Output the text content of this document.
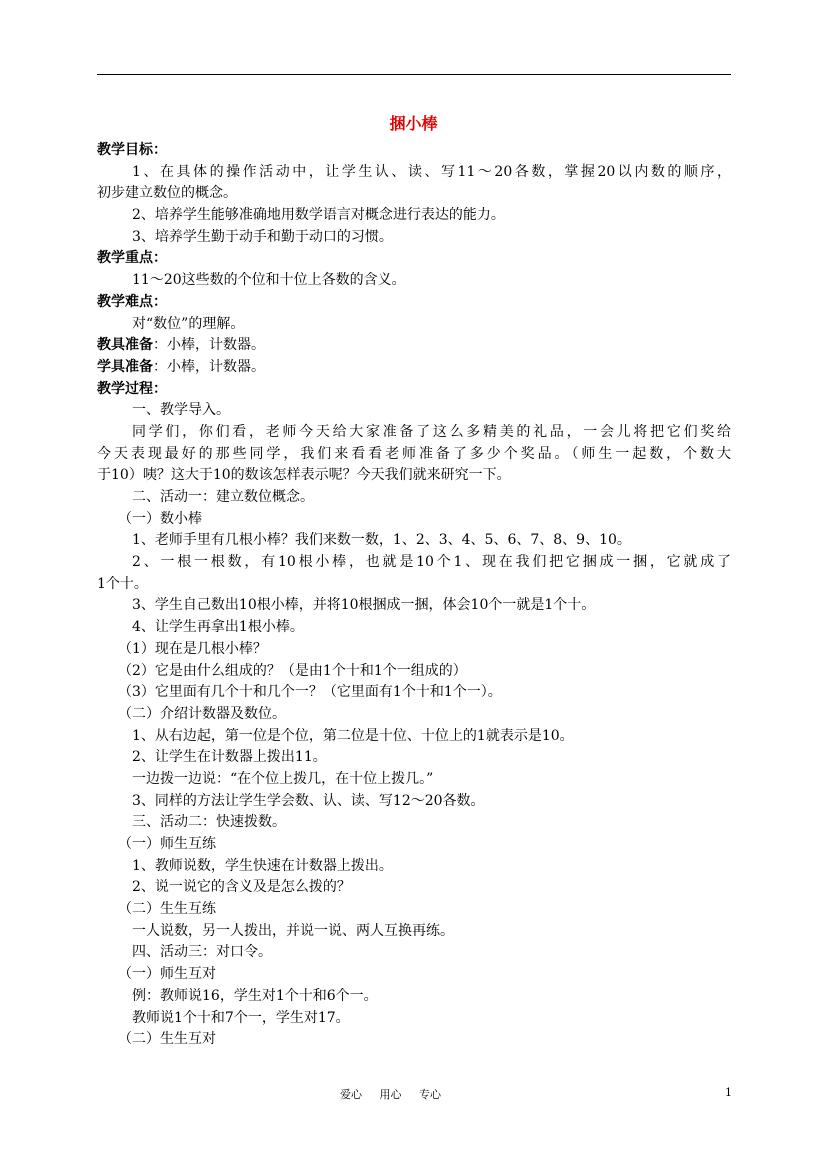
捆小棒
教学目标：
1、在具体的操作活动中，让学生认、读、写11～20各数，掌握20以内数的顺序，
初步建立数位的概念。
2、培养学生能够准确地用数学语言对概念进行表达的能力。
3、培养学生勤于动手和勤于动口的习惯。
教学重点：
11～20这些数的个位和十位上各数的含义。
教学难点：
对“数位”的理解。
教具准备：小棒，计数器。
学具准备：小棒，计数器。
教学过程：
一、教学导入。
同学们，你们看，老师今天给大家准备了这么多精美的礼品，一会儿将把它们奖给
今天表现最好的那些同学，我们来看看老师准备了多少个奖品。（师生一起数，个数大
于10）咦？这大于10的数该怎样表示呢？今天我们就来研究一下。
二、活动一：建立数位概念。
（一）数小棒
1、老师手里有几根小棒？我们来数一数，1、2、3、4、5、6、7、8、9、10。
2、一根一根数，有10根小棒，也就是10个1、现在我们把它捆成一捆，它就成了
1个十。
3、学生自己数出10根小棒，并将10根捆成一捆，体会10个一就是1个十。
4、让学生再拿出1根小棒。
（1）现在是几根小棒？
（2）它是由什么组成的？（是由1个十和1个一组成的）
（3）它里面有几个十和几个一？（它里面有1个十和1个一）。
（二）介绍计数器及数位。
1、从右边起，第一位是个位，第二位是十位、十位上的1就表示是10。
2、让学生在计数器上拨出11。
一边拨一边说：“在个位上拨几，在十位上拨几。”
3、同样的方法让学生学会数、认、读、写12～20各数。
三、活动二：快速拨数。
（一）师生互练
1、教师说数，学生快速在计数器上拨出。
2、说一说它的含义及是怎么拨的？
（二）生生互练
一人说数，另一人拨出，并说一说、两人互换再练。
四、活动三：对口令。
（一）师生互对
例：教师说16，学生对1个十和6个一。
教师说1个十和7个一，学生对17。
（二）生生互对
爱心 用心 专心	1
